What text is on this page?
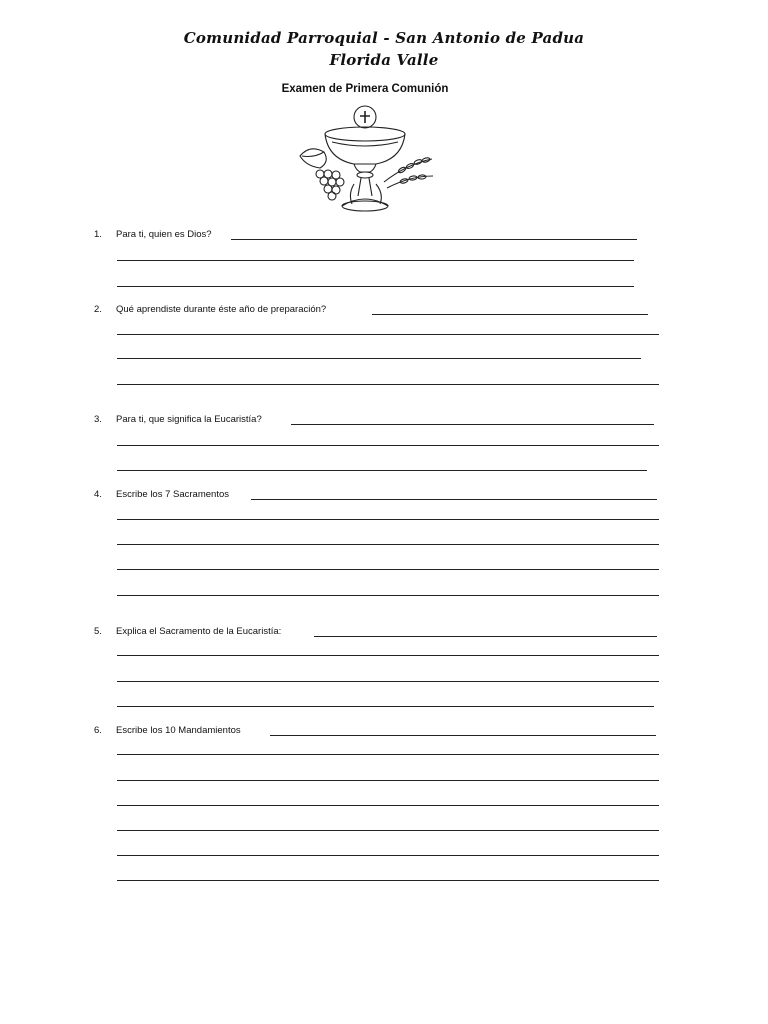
Comunidad Parroquial - San Antonio de Padua
Florida Valle
Examen de Primera Comunión
1. Para ti, quien es Dios?
2. Qué aprendiste durante éste año de preparación?
3. Para ti, que significa la Eucaristía?
4. Escribe los 7 Sacramentos
5. Explica el Sacramento de la Eucaristía:
6. Escribe los 10 Mandamientos
